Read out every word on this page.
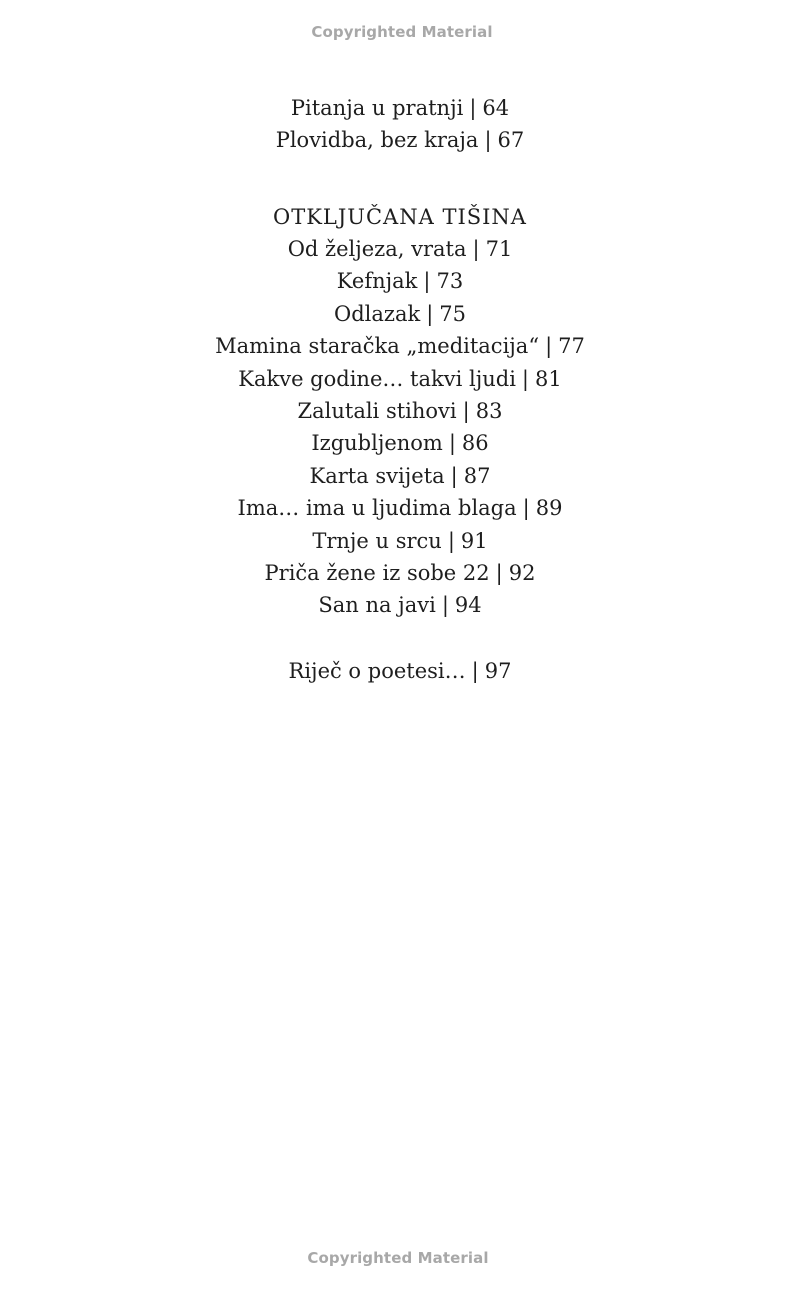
Copyrighted Material
Pitanja u pratnji | 64
Plovidba, bez kraja | 67
OTKLJUČANA TIŠINA
Od željeza, vrata | 71
Kefnjak | 73
Odlazak | 75
Mamina staračka „meditacija“ | 77
Kakve godine… takvi ljudi | 81
Zalutali stihovi | 83
Izgubljenom | 86
Karta svijeta | 87
Ima… ima u ljudima blaga | 89
Trnje u srcu | 91
Priča žene iz sobe 22 | 92
San na javi | 94
Riječ o poetesi… | 97
Copyrighted Material
